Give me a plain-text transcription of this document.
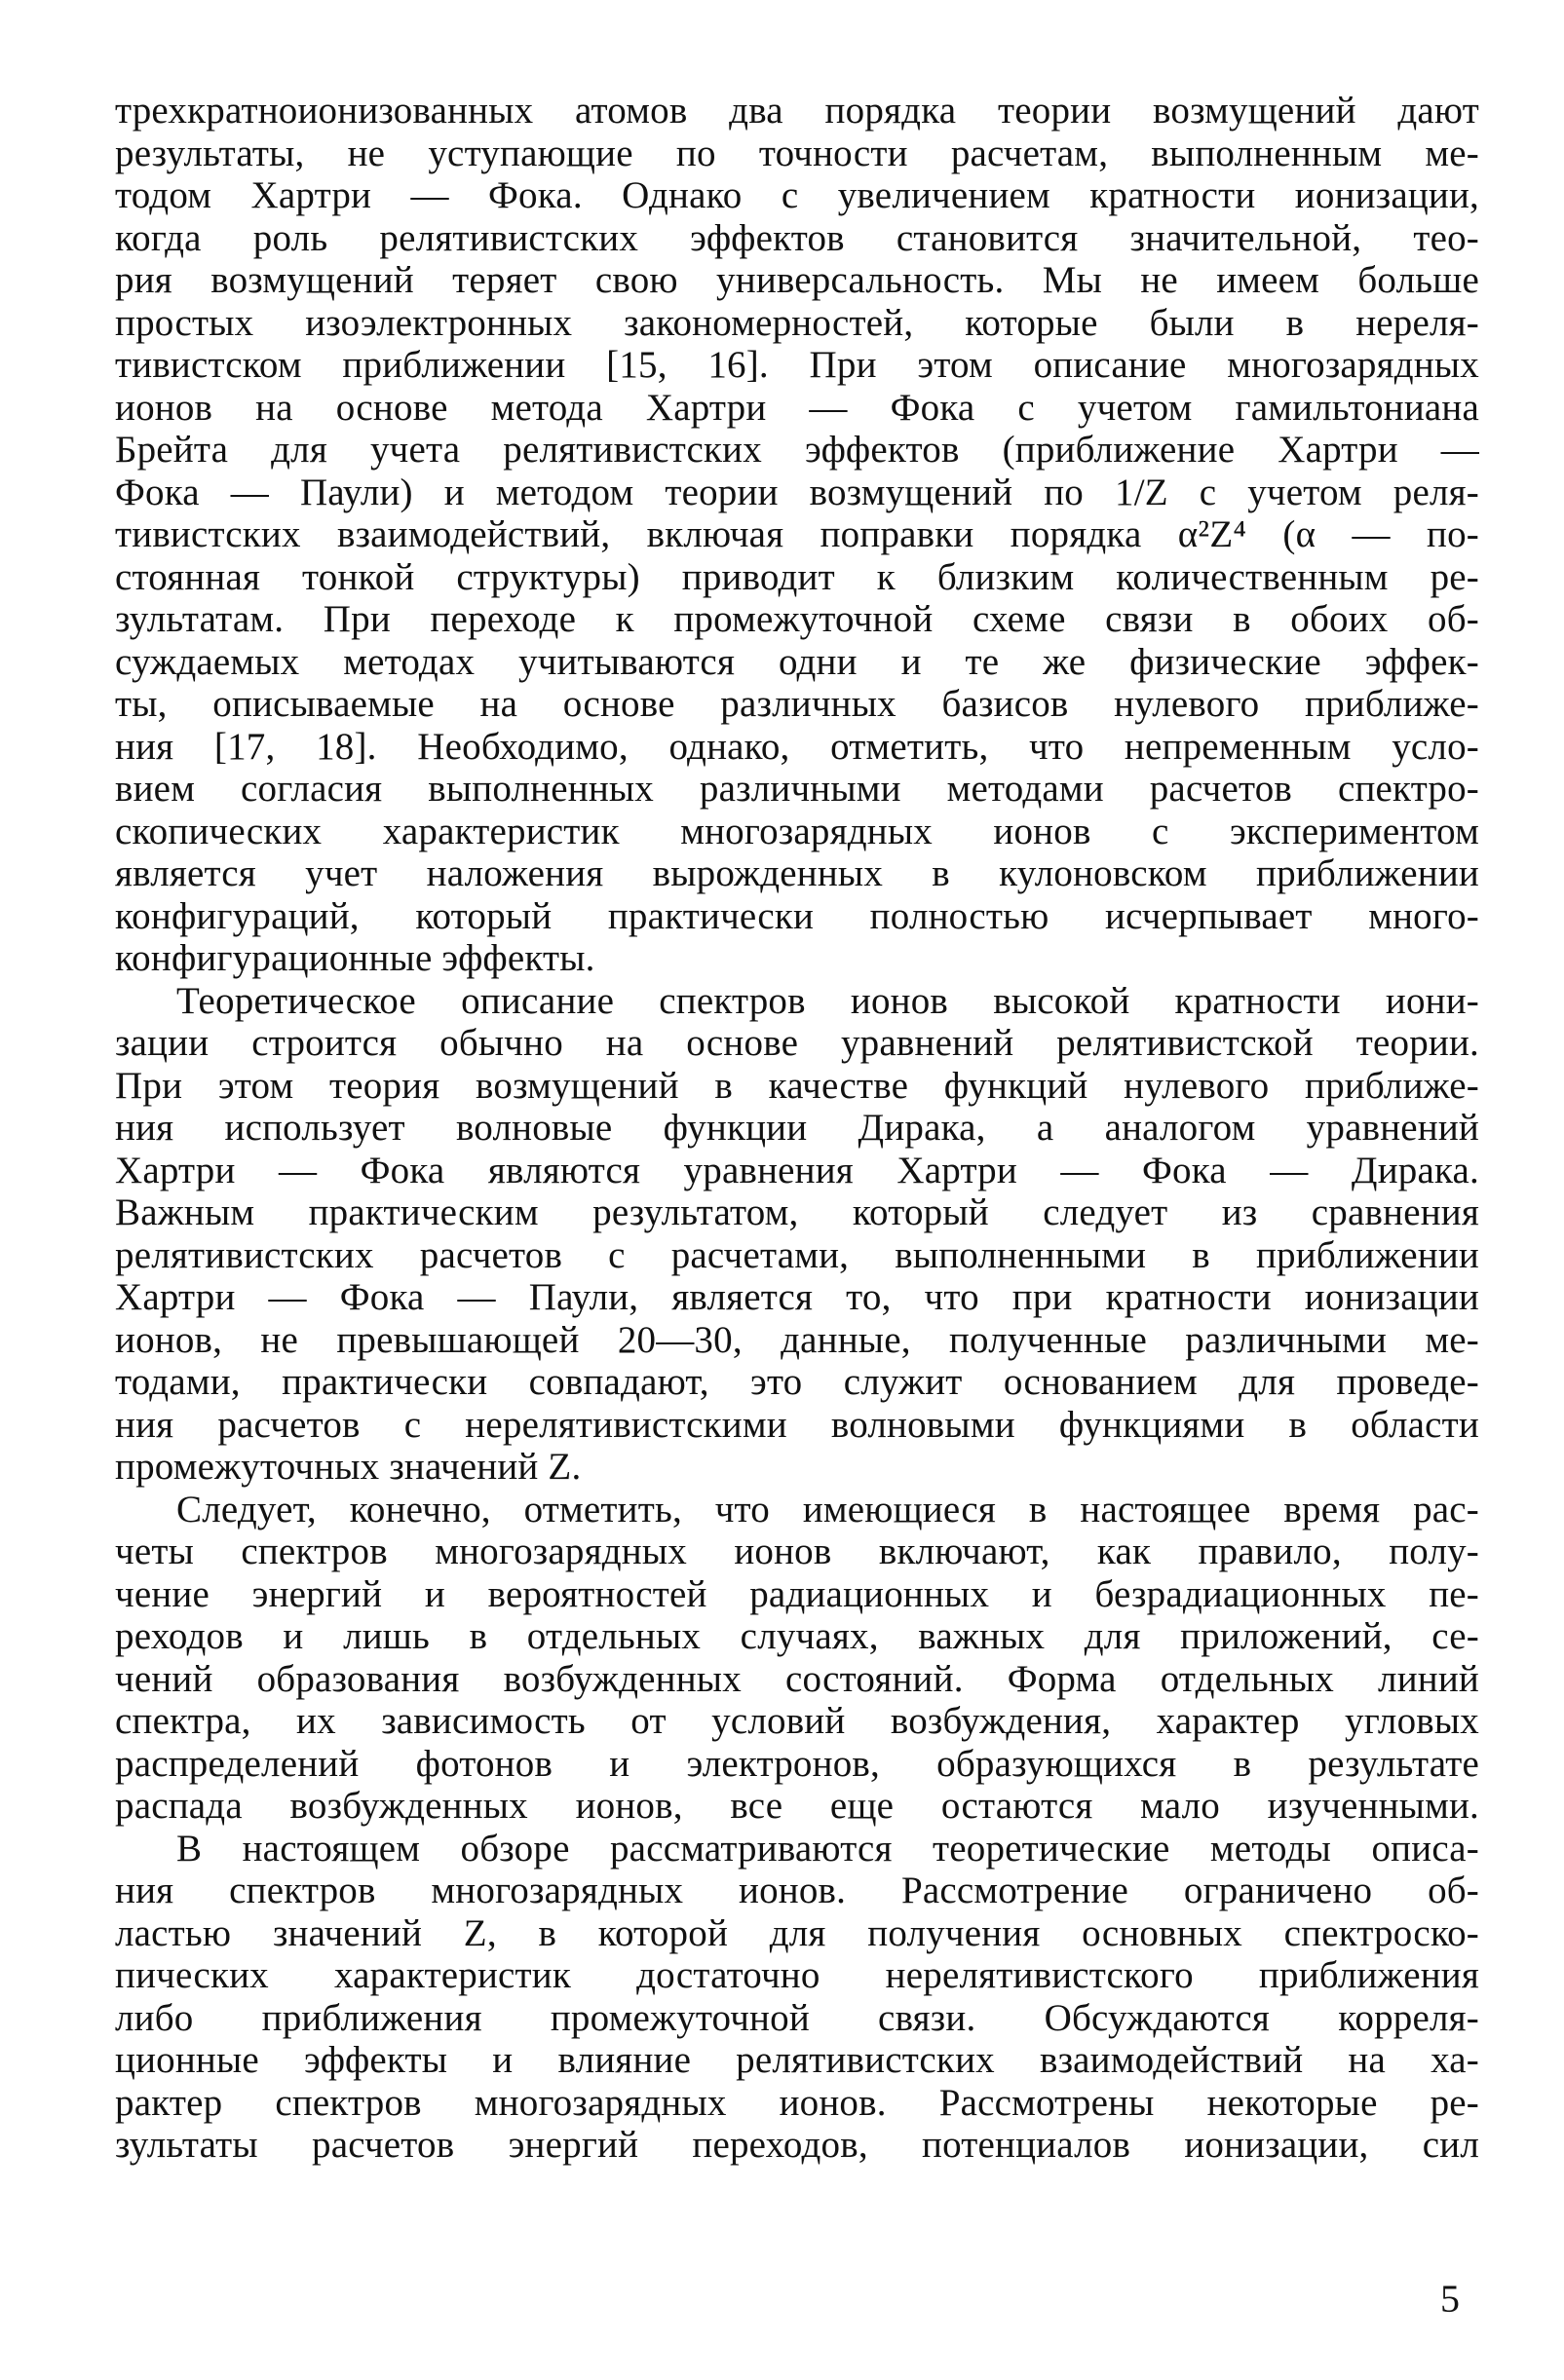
трехкратноионизованных атомов два порядка теории возмущений дают
результаты, не уступающие по точности расчетам, выполненным ме-
тодом Хартри — Фока. Однако с увеличением кратности ионизации,
когда роль релятивистских эффектов становится значительной, тео-
рия возмущений теряет свою универсальность. Мы не имеем больше
простых изоэлектронных закономерностей, которые были в нереля-
тивистском приближении [15, 16]. При этом описание многозарядных
ионов на основе метода Хартри — Фока с учетом гамильтониана
Брейта для учета релятивистских эффектов (приближение Хартри —
Фока — Паули) и методом теории возмущений по 1/Z с учетом реля-
тивистских взаимодействий, включая поправки порядка α²Z⁴ (α — по-
стоянная тонкой структуры) приводит к близким количественным ре-
зультатам. При переходе к промежуточной схеме связи в обоих об-
суждаемых методах учитываются одни и те же физические эффек-
ты, описываемые на основе различных базисов нулевого приближе-
ния [17, 18]. Необходимо, однако, отметить, что непременным усло-
вием согласия выполненных различными методами расчетов спектро-
скопических характеристик многозарядных ионов с экспериментом
является учет наложения вырожденных в кулоновском приближении
конфигураций, который практически полностью исчерпывает много-
конфигурационные эффекты.
Теоретическое описание спектров ионов высокой кратности иони-
зации строится обычно на основе уравнений релятивистской теории.
При этом теория возмущений в качестве функций нулевого приближе-
ния использует волновые функции Дирака, а аналогом уравнений
Хартри — Фока являются уравнения Хартри — Фока — Дирака.
Важным практическим результатом, который следует из сравнения
релятивистских расчетов с расчетами, выполненными в приближении
Хартри — Фока — Паули, является то, что при кратности ионизации
ионов, не превышающей 20—30, данные, полученные различными ме-
тодами, практически совпадают, это служит основанием для проведе-
ния расчетов с нерелятивистскими волновыми функциями в области
промежуточных значений Z.
Следует, конечно, отметить, что имеющиеся в настоящее время рас-
четы спектров многозарядных ионов включают, как правило, полу-
чение энергий и вероятностей радиационных и безрадиационных пе-
реходов и лишь в отдельных случаях, важных для приложений, се-
чений образования возбужденных состояний. Форма отдельных линий
спектра, их зависимость от условий возбуждения, характер угловых
распределений фотонов и электронов, образующихся в результате
распада возбужденных ионов, все еще остаются мало изученными.
В настоящем обзоре рассматриваются теоретические методы описа-
ния спектров многозарядных ионов. Рассмотрение ограничено об-
ластью значений Z, в которой для получения основных спектроско-
пических характеристик достаточно нерелятивистского приближения
либо приближения промежуточной связи. Обсуждаются корреля-
ционные эффекты и влияние релятивистских взаимодействий на ха-
рактер спектров многозарядных ионов. Рассмотрены некоторые ре-
зультаты расчетов энергий переходов, потенциалов ионизации, сил
5
